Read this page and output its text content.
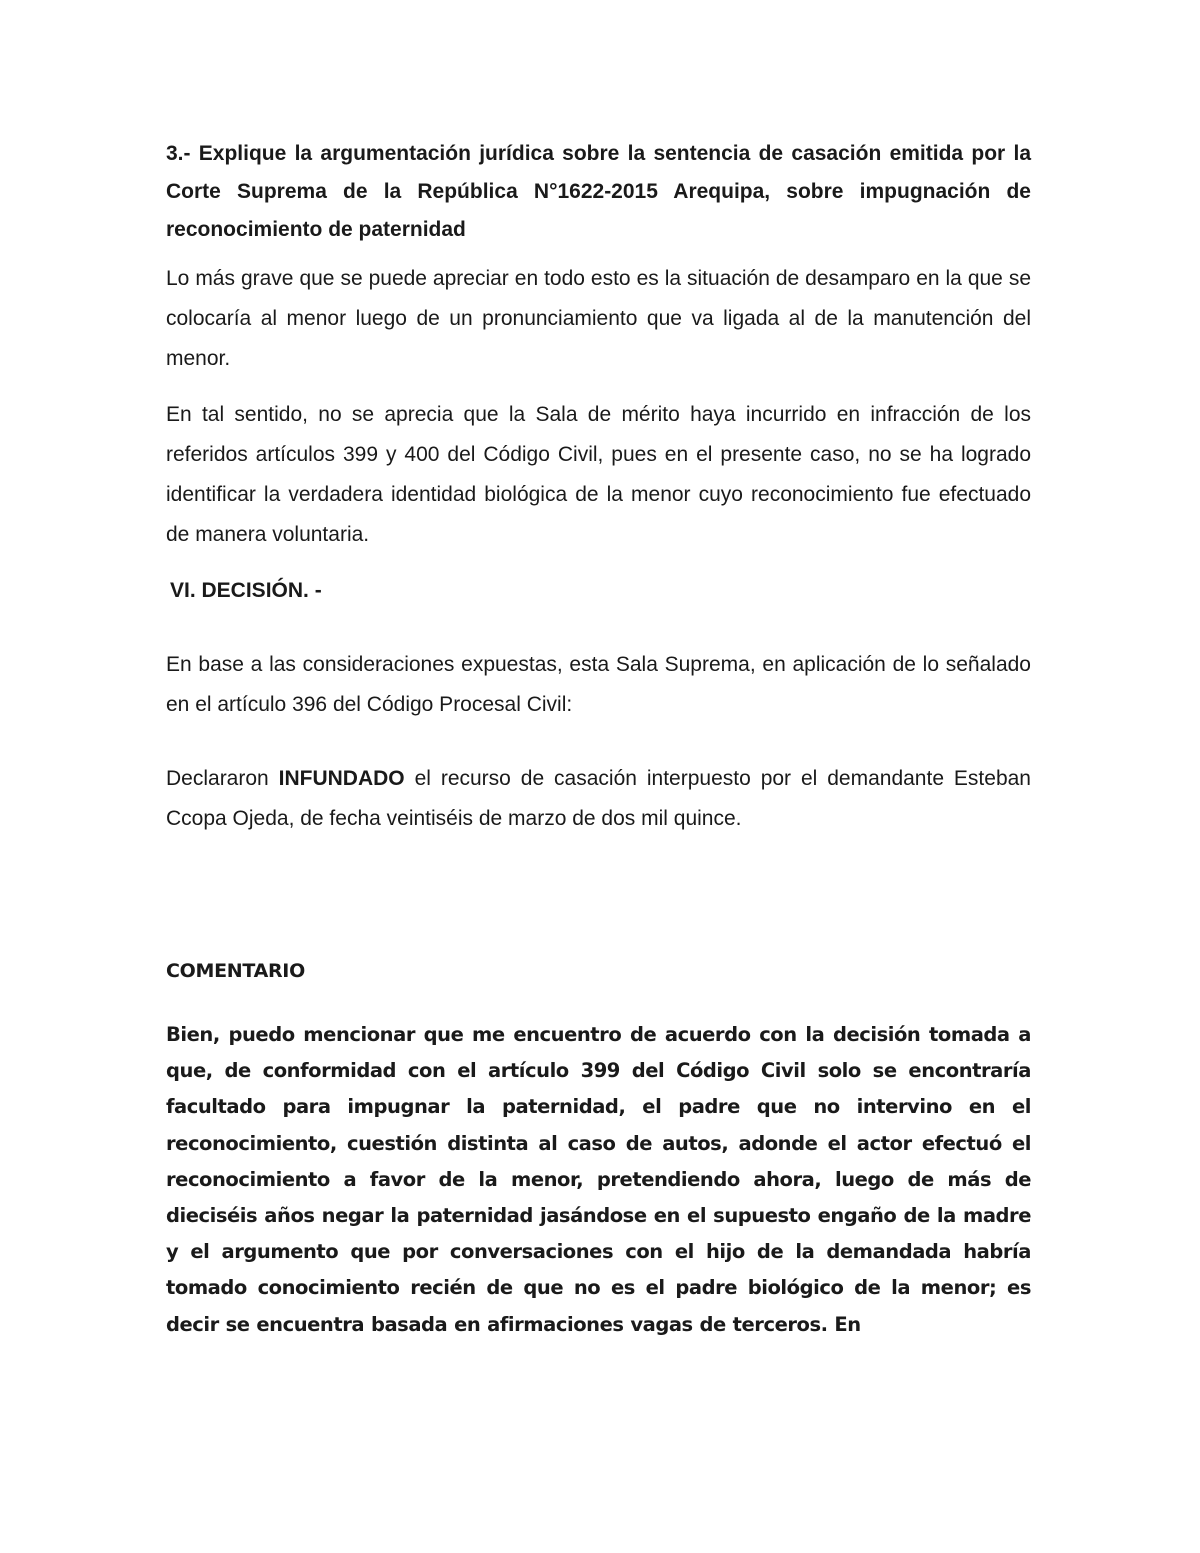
3.- Explique la argumentación jurídica sobre la sentencia de casación emitida por la Corte Suprema de la República N°1622-2015 Arequipa, sobre impugnación de reconocimiento de paternidad

Lo más grave que se puede apreciar en todo esto es la situación de desamparo en la que se colocaría al menor luego de un pronunciamiento que va ligada al de la manutención del menor.

En tal sentido, no se aprecia que la Sala de mérito haya incurrido en infracción de los referidos artículos 399 y 400 del Código Civil, pues en el presente caso, no se ha logrado identificar la verdadera identidad biológica de la menor cuyo reconocimiento fue efectuado de manera voluntaria.

VI. DECISIÓN. -

En base a las consideraciones expuestas, esta Sala Suprema, en aplicación de lo señalado en el artículo 396 del Código Procesal Civil:

Declararon INFUNDADO el recurso de casación interpuesto por el demandante Esteban Ccopa Ojeda, de fecha veintiséis de marzo de dos mil quince.

COMENTARIO

Bien, puedo mencionar que me encuentro de acuerdo con la decisión tomada a que, de conformidad con el artículo 399 del Código Civil solo se encontraría facultado para impugnar la paternidad, el padre que no intervino en el reconocimiento, cuestión distinta al caso de autos, adonde el actor efectuó el reconocimiento a favor de la menor, pretendiendo ahora, luego de más de dieciséis años negar la paternidad jasándose en el supuesto engaño de la madre y el argumento que por conversaciones con el hijo de la demandada habría tomado conocimiento recién de que no es el padre biológico de la menor; es decir se encuentra basada en afirmaciones vagas de terceros. En
